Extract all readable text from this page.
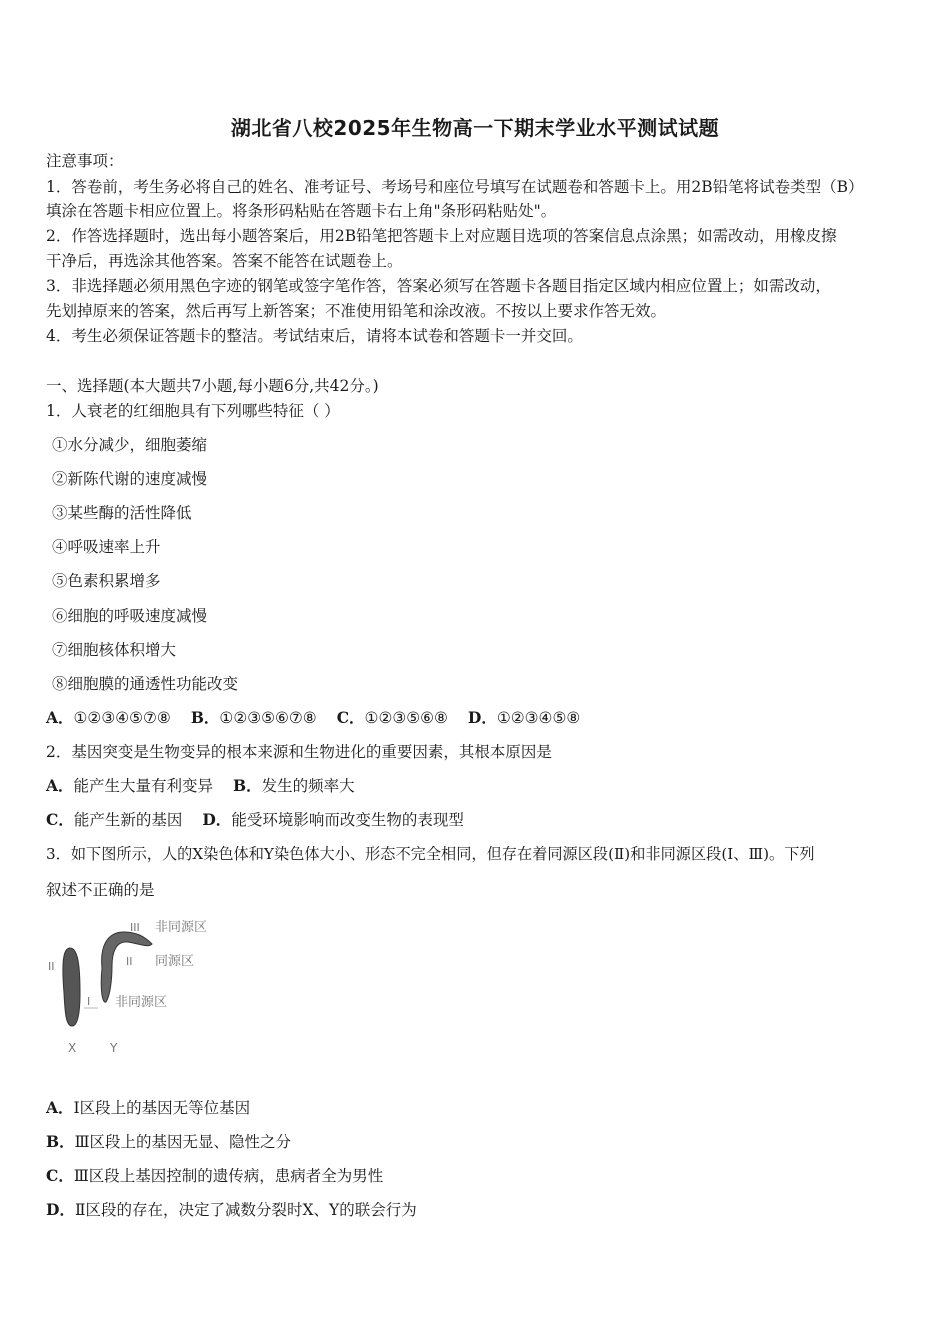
湖北省八校2025年生物高一下期末学业水平测试试题
注意事项：
1．答卷前，考生务必将自己的姓名、准考证号、考场号和座位号填写在试题卷和答题卡上。用2B铅笔将试卷类型（B）
填涂在答题卡相应位置上。将条形码粘贴在答题卡右上角"条形码粘贴处"。
2．作答选择题时，选出每小题答案后，用2B铅笔把答题卡上对应题目选项的答案信息点涂黑；如需改动，用橡皮擦
干净后，再选涂其他答案。答案不能答在试题卷上。
3．非选择题必须用黑色字迹的钢笔或签字笔作答，答案必须写在答题卡各题目指定区域内相应位置上；如需改动，
先划掉原来的答案，然后再写上新答案；不准使用铅笔和涂改液。不按以上要求作答无效。
4．考生必须保证答题卡的整洁。考试结束后，请将本试卷和答题卡一并交回。
一、选择题(本大题共7小题,每小题6分,共42分。)
1．人衰老的红细胞具有下列哪些特征（ ）
①水分减少，细胞萎缩
②新陈代谢的速度减慢
③某些酶的活性降低
④呼吸速率上升
⑤色素积累增多
⑥细胞的呼吸速度减慢
⑦细胞核体积增大
⑧细胞膜的通透性功能改变
A．①②③④⑤⑦⑧ B．①②③⑤⑥⑦⑧ C．①②③⑤⑥⑧ D．①②③④⑤⑧
2．基因突变是生物变异的根本来源和生物进化的重要因素，其根本原因是
A．能产生大量有利变异 B．发生的频率大
C．能产生新的基因 D．能受环境影响而改变生物的表现型
3．如下图所示，人的X染色体和Y染色体大小、形态不完全相同，但存在着同源区段(Ⅱ)和非同源区段(Ⅰ、Ⅲ)。下列
叙述不正确的是
III 非同源区
II	II 同源区
I 非同源区
X	Y
A．Ⅰ区段上的基因无等位基因
B．Ⅲ区段上的基因无显、隐性之分
C．Ⅲ区段上基因控制的遗传病，患病者全为男性
D．Ⅱ区段的存在，决定了减数分裂时X、Y的联会行为
